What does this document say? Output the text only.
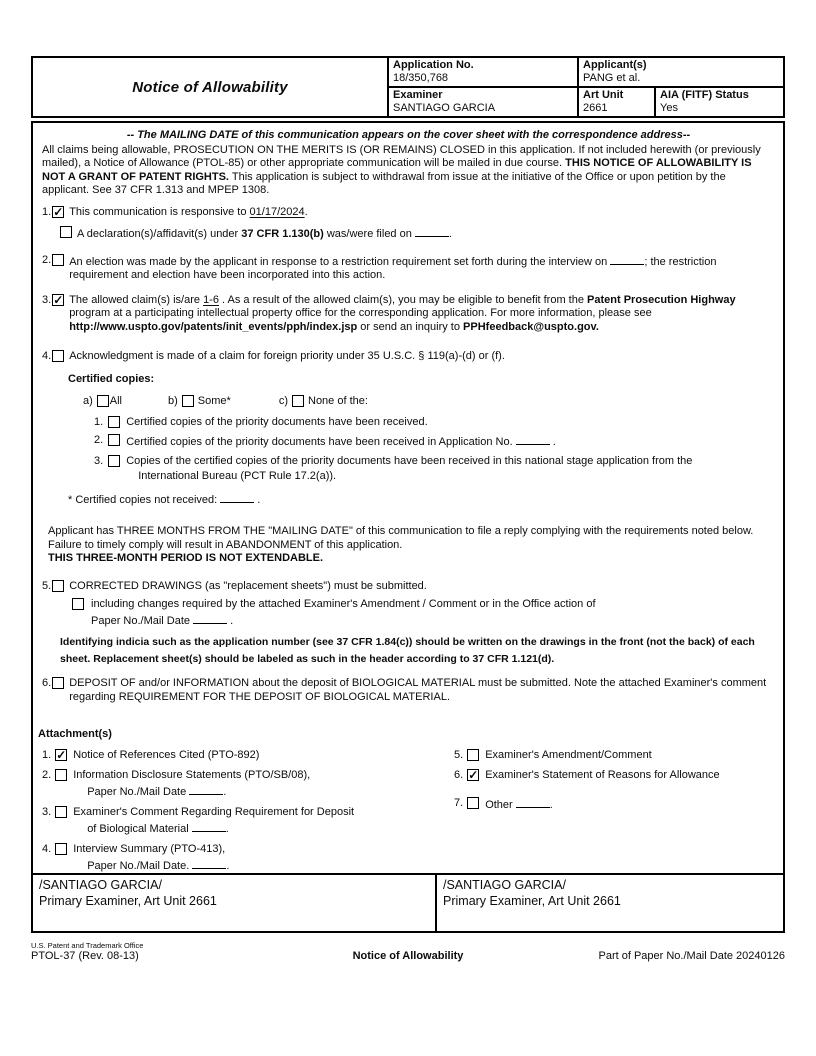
Notice of Allowability
Application No.
18/350,768
Applicant(s)
PANG et al.
Examiner
SANTIAGO GARCIA
Art Unit
2661
AIA (FITF) Status
Yes
-- The MAILING DATE of this communication appears on the cover sheet with the correspondence address--
All claims being allowable, PROSECUTION ON THE MERITS IS (OR REMAINS) CLOSED in this application. If not included herewith (or previously mailed), a Notice of Allowance (PTOL-85) or other appropriate communication will be mailed in due course. THIS NOTICE OF ALLOWABILITY IS NOT A GRANT OF PATENT RIGHTS. This application is subject to withdrawal from issue at the initiative of the Office or upon petition by the applicant. See 37 CFR 1.313 and MPEP 1308.
1. ✓ This communication is responsive to 01/17/2024.
A declaration(s)/affidavit(s) under 37 CFR 1.130(b) was/were filed on	.
2. An election was made by the applicant in response to a restriction requirement set forth during the interview on	; the restriction requirement and election have been incorporated into this action.
3. ✓ The allowed claim(s) is/are 1-6 . As a result of the allowed claim(s), you may be eligible to benefit from the Patent Prosecution Highway program at a participating intellectual property office for the corresponding application. For more information, please see http://www.uspto.gov/patents/init_events/pph/index.jsp or send an inquiry to PPHfeedback@uspto.gov.
4. Acknowledgment is made of a claim for foreign priority under 35 U.S.C. § 119(a)-(d) or (f).
Certified copies:
a) All	b) Some*	c) None of the:
1. Certified copies of the priority documents have been received.
2. Certified copies of the priority documents have been received in Application No.	.
3. Copies of the certified copies of the priority documents have been received in this national stage application from the
International Bureau (PCT Rule 17.2(a)).
* Certified copies not received:	.
Applicant has THREE MONTHS FROM THE "MAILING DATE" of this communication to file a reply complying with the requirements noted below. Failure to timely comply will result in ABANDONMENT of this application.
THIS THREE-MONTH PERIOD IS NOT EXTENDABLE.
5. CORRECTED DRAWINGS (as "replacement sheets") must be submitted.
including changes required by the attached Examiner's Amendment / Comment or in the Office action of
Paper No./Mail Date	.
Identifying indicia such as the application number (see 37 CFR 1.84(c)) should be written on the drawings in the front (not the back) of each sheet. Replacement sheet(s) should be labeled as such in the header according to 37 CFR 1.121(d).
6. DEPOSIT OF and/or INFORMATION about the deposit of BIOLOGICAL MATERIAL must be submitted. Note the attached Examiner's comment regarding REQUIREMENT FOR THE DEPOSIT OF BIOLOGICAL MATERIAL.
Attachment(s)
1. ✓ Notice of References Cited (PTO-892)
2. Information Disclosure Statements (PTO/SB/08),
Paper No./Mail Date	.
3. Examiner's Comment Regarding Requirement for Deposit
of Biological Material	.
4. Interview Summary (PTO-413),
Paper No./Mail Date.	.
5. Examiner's Amendment/Comment
6. ✓ Examiner's Statement of Reasons for Allowance
7. Other	.
/SANTIAGO GARCIA/
Primary Examiner, Art Unit 2661
/SANTIAGO GARCIA/
Primary Examiner, Art Unit 2661
U.S. Patent and Trademark Office
PTOL-37 (Rev. 08-13)	Notice of Allowability	Part of Paper No./Mail Date 20240126
